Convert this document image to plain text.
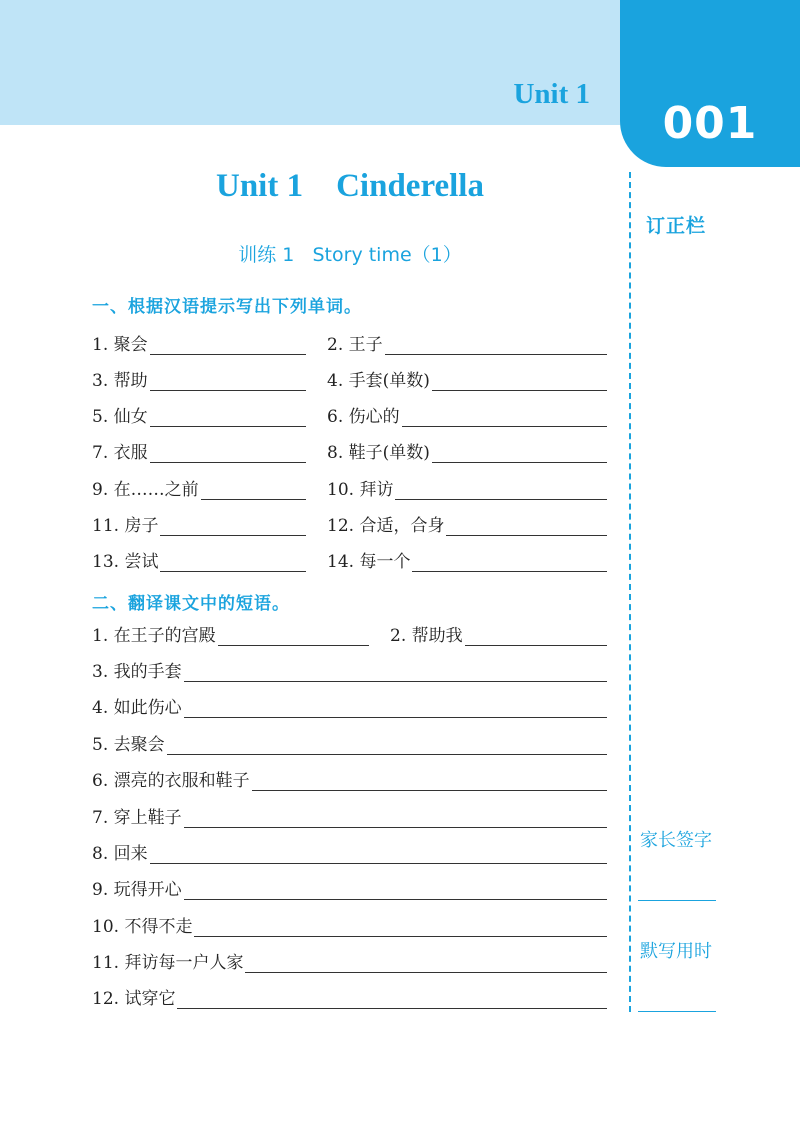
Unit 1
001
订正栏
家长签字
默写用时
Unit 1    Cinderella
训练 1   Story time（1）
一、根据汉语提示写出下列单词。
1. 聚会	2. 王子
3. 帮助	4. 手套(单数)
5. 仙女	6. 伤心的
7. 衣服	8. 鞋子(单数)
9. 在……之前	10. 拜访
11. 房子	12. 合适，合身
13. 尝试	14. 每一个
二、翻译课文中的短语。
1. 在王子的宫殿	2. 帮助我
3. 我的手套
4. 如此伤心
5. 去聚会
6. 漂亮的衣服和鞋子
7. 穿上鞋子
8. 回来
9. 玩得开心
10. 不得不走
11. 拜访每一户人家
12. 试穿它
